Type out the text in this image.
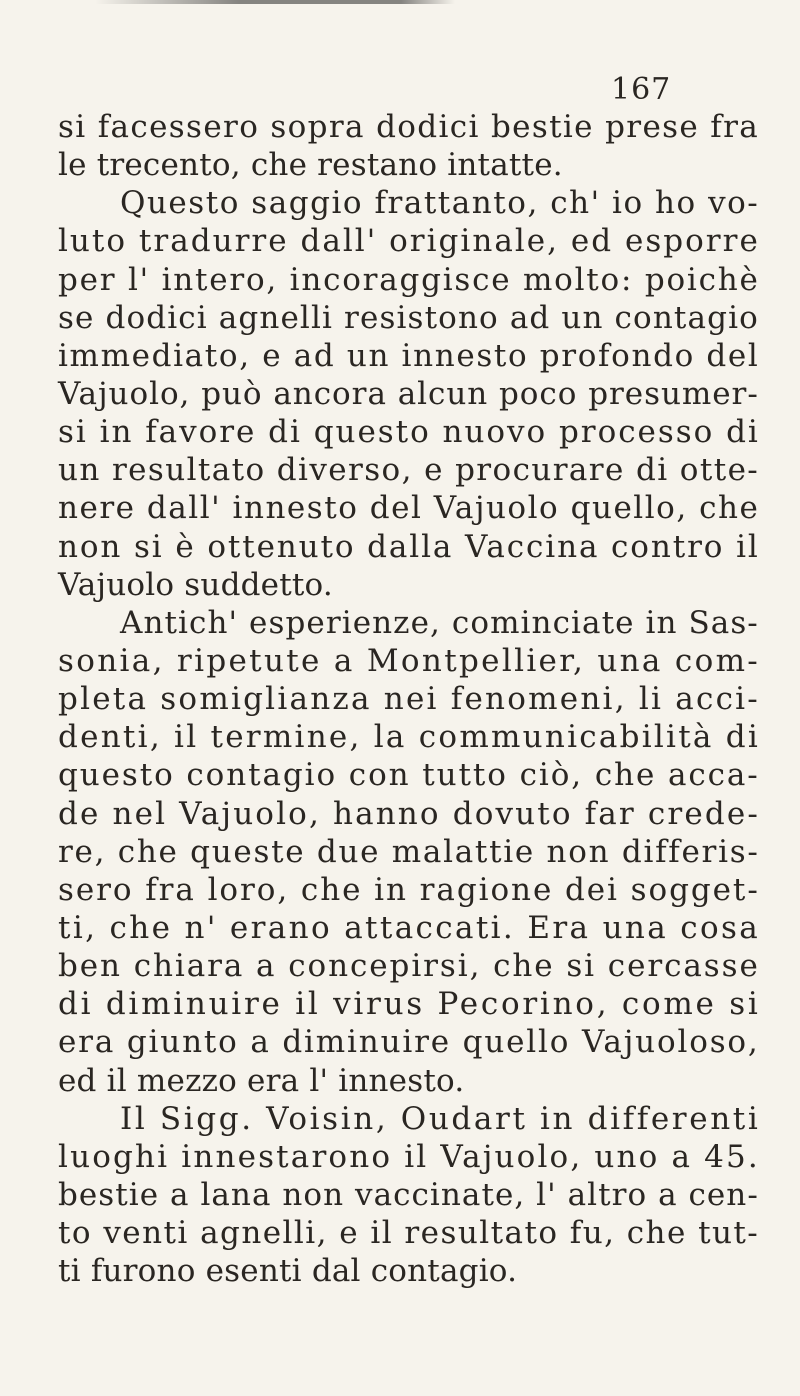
167
si facessero sopra dodici bestie prese fra
le trecento, che restano intatte.
Questo saggio frattanto, ch' io ho vo-
luto tradurre dall' originale, ed esporre
per l' intero, incoraggisce molto: poichè
se dodici agnelli resistono ad un contagio
immediato, e ad un innesto profondo del
Vajuolo, può ancora alcun poco presumer-
si in favore di questo nuovo processo di
un resultato diverso, e procurare di otte-
nere dall' innesto del Vajuolo quello, che
non si è ottenuto dalla Vaccina contro il
Vajuolo suddetto.
Antich' esperienze, cominciate in Sas-
sonia, ripetute a Montpellier, una com-
pleta somiglianza nei fenomeni, li acci-
denti, il termine, la communicabilità di
questo contagio con tutto ciò, che acca-
de nel Vajuolo, hanno dovuto far crede-
re, che queste due malattie non differis-
sero fra loro, che in ragione dei sogget-
ti, che n' erano attaccati. Era una cosa
ben chiara a concepirsi, che si cercasse
di diminuire il virus Pecorino, come si
era giunto a diminuire quello Vajuoloso,
ed il mezzo era l' innesto.
Il Sigg. Voisin, Oudart in differenti
luoghi innestarono il Vajuolo, uno a 45.
bestie a lana non vaccinate, l' altro a cen-
to venti agnelli, e il resultato fu, che tut-
ti furono esenti dal contagio.
